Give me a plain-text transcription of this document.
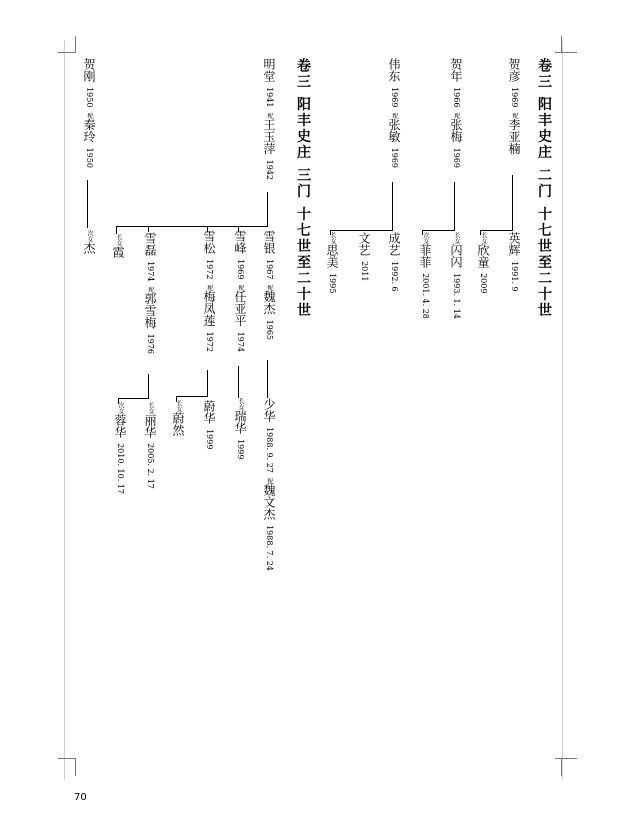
卷三 阳丰史庄 二门 十七世至二十世
卷三 阳丰史庄 三门 十七世至二十世	贺彦 1969 配李亚楠
英辉 1991. 9
长女欣童 2009
贺年 1966 配张梅 1969
长女闪闪 1993. 1. 14
次女菲菲 2001. 4. 28
伟东 1969 配张敏 1969
成艺 1992. 6
文艺 2011
长女思美 1995
明堂 1941 配王玉萍 1942
雪银 1967 配魏杰 1965
少华 1988. 9. 27 配魏文杰 1988. 7. 24
雪峰 1969 配任亚平 1974
长女瑞华 1999
雪松 1972 配梅凤莲 1972
蔚华 1999
长女蔚然
雪磊 1974 配郭雪梅 1976
长女丽华 2005. 2. 17
次女蓉华 2010. 10. 17
长女霞
贺刚 1950 配秦玲 1950
次女杰
70
